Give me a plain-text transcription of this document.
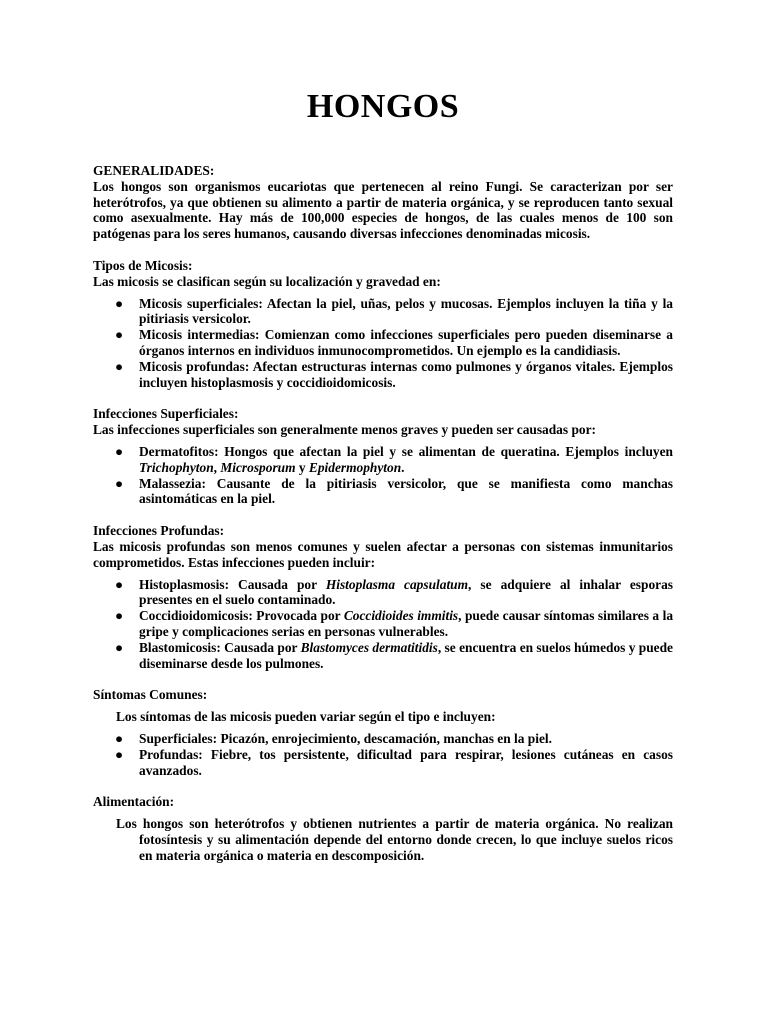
HONGOS
GENERALIDADES:

Los hongos son organismos eucariotas que pertenecen al reino Fungi. Se caracterizan por ser heterótrofos, ya que obtienen su alimento a partir de materia orgánica, y se reproducen tanto sexual como asexualmente. Hay más de 100,000 especies de hongos, de las cuales menos de 100 son patógenas para los seres humanos, causando diversas infecciones denominadas micosis.

Tipos de Micosis:

Las micosis se clasifican según su localización y gravedad en:

● Micosis superficiales: Afectan la piel, uñas, pelos y mucosas. Ejemplos incluyen la tiña y la pitiriasis versicolor.
● Micosis intermedias: Comienzan como infecciones superficiales pero pueden diseminarse a órganos internos en individuos inmunocomprometidos. Un ejemplo es la candidiasis.
● Micosis profundas: Afectan estructuras internas como pulmones y órganos vitales. Ejemplos incluyen histoplasmosis y coccidioidomicosis.
Infecciones Superficiales:

Las infecciones superficiales son generalmente menos graves y pueden ser causadas por:

● Dermatofitos: Hongos que afectan la piel y se alimentan de queratina. Ejemplos incluyen Trichophyton, Microsporum y Epidermophyton.
● Malassezia: Causante de la pitiriasis versicolor, que se manifiesta como manchas asintomáticas en la piel.
Infecciones Profundas:

Las micosis profundas son menos comunes y suelen afectar a personas con sistemas inmunitarios comprometidos. Estas infecciones pueden incluir:

● Histoplasmosis: Causada por Histoplasma capsulatum, se adquiere al inhalar esporas presentes en el suelo contaminado.
● Coccidioidomicosis: Provocada por Coccidioides immitis, puede causar síntomas similares a la gripe y complicaciones serias en personas vulnerables.
● Blastomicosis: Causada por Blastomyces dermatitidis, se encuentra en suelos húmedos y puede diseminarse desde los pulmones.
Síntomas Comunes:

Los síntomas de las micosis pueden variar según el tipo e incluyen:

● Superficiales: Picazón, enrojecimiento, descamación, manchas en la piel.
● Profundas: Fiebre, tos persistente, dificultad para respirar, lesiones cutáneas en casos avanzados.
Alimentación:

Los hongos son heterótrofos y obtienen nutrientes a partir de materia orgánica. No realizan fotosíntesis y su alimentación depende del entorno donde crecen, lo que incluye suelos ricos en materia orgánica o materia en descomposición.
